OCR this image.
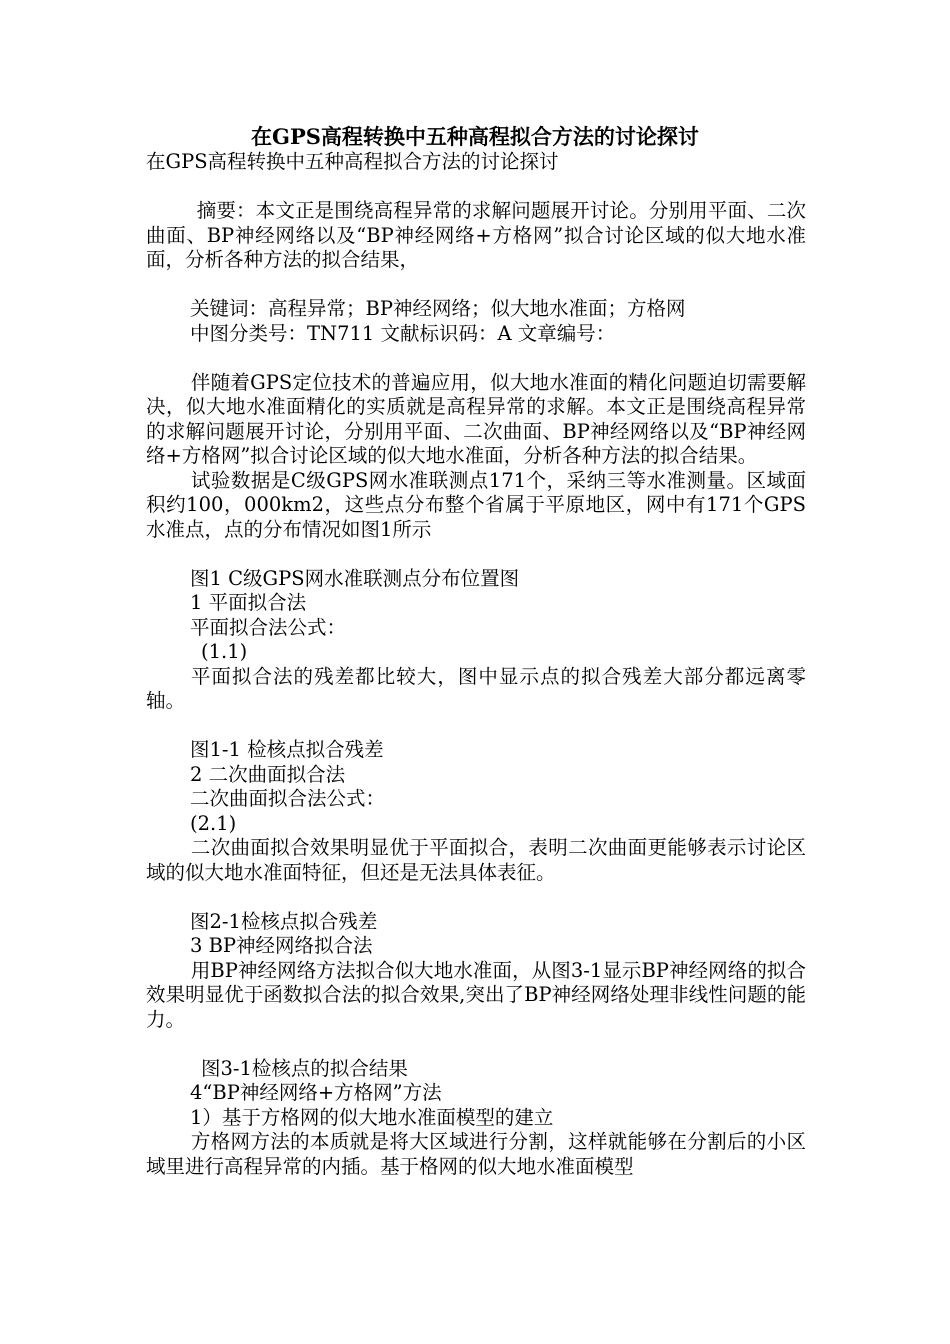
在GPS高程转换中五种高程拟合方法的讨论探讨

在GPS高程转换中五种高程拟合方法的讨论探讨

摘要：本文正是围绕高程异常的求解问题展开讨论。分别用平面、二次曲面、BP神经网络以及“BP神经网络+方格网”拟合讨论区域的似大地水准面，分析各种方法的拟合结果，

关键词：高程异常；BP神经网络；似大地水准面；方格网

中图分类号：TN711 文献标识码：A 文章编号：

伴随着GPS定位技术的普遍应用，似大地水准面的精化问题迫切需要解决，似大地水准面精化的实质就是高程异常的求解。本文正是围绕高程异常的求解问题展开讨论，分别用平面、二次曲面、BP神经网络以及“BP神经网络+方格网”拟合讨论区域的似大地水准面，分析各种方法的拟合结果。

试验数据是C级GPS网水准联测点171个，采纳三等水准测量。区域面积约100，000km2，这些点分布整个省属于平原地区，网中有171个GPS水准点，点的分布情况如图1所示

图1 C级GPS网水准联测点分布位置图

1 平面拟合法

平面拟合法公式：

(1.1)

平面拟合法的残差都比较大，图中显示点的拟合残差大部分都远离零轴。

图1-1 检核点拟合残差

2 二次曲面拟合法

二次曲面拟合法公式：

(2.1)

二次曲面拟合效果明显优于平面拟合，表明二次曲面更能够表示讨论区域的似大地水准面特征，但还是无法具体表征。

图2-1检核点拟合残差

3 BP神经网络拟合法

用BP神经网络方法拟合似大地水准面，从图3-1显示BP神经网络的拟合效果明显优于函数拟合法的拟合效果,突出了BP神经网络处理非线性问题的能力。

图3-1检核点的拟合结果

4“BP神经网络+方格网”方法

1）基于方格网的似大地水准面模型的建立

方格网方法的本质就是将大区域进行分割，这样就能够在分割后的小区域里进行高程异常的内插。基于格网的似大地水准面模型
